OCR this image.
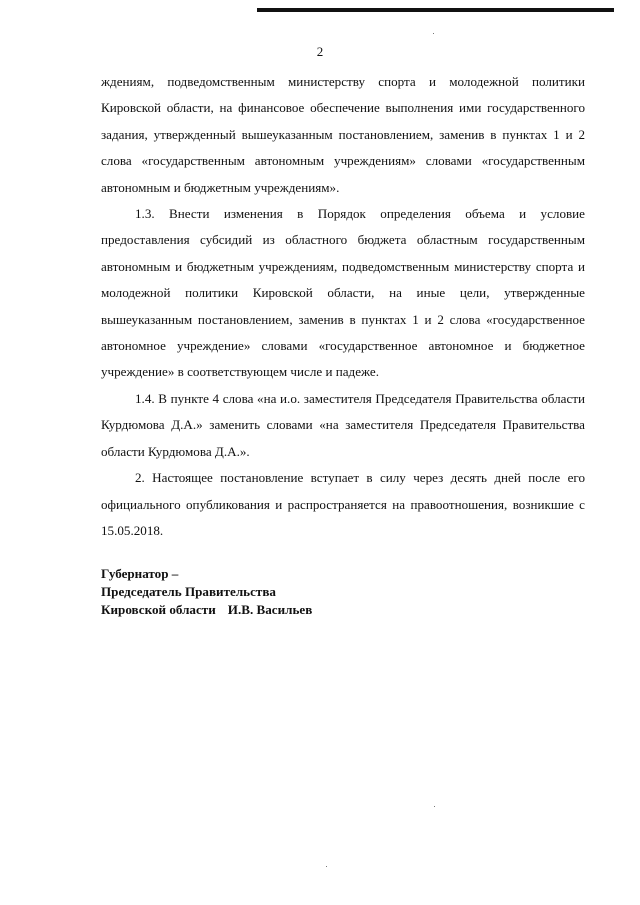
2

ждениям, подведомственным министерству спорта и молодежной политики Кировской области, на финансовое обеспечение выполнения ими государственного задания, утвержденный вышеуказанным постановлением, заменив в пунктах 1 и 2 слова «государственным автономным учреждениям» словами «государственным автономным и бюджетным учреждениям».

1.3. Внести изменения в Порядок определения объема и условие предоставления субсидий из областного бюджета областным государственным автономным и бюджетным учреждениям, подведомственным министерству спорта и молодежной политики Кировской области, на иные цели, утвержденные вышеуказанным постановлением, заменив в пунктах 1 и 2 слова «государственное автономное учреждение» словами «государственное автономное и бюджетное учреждение» в соответствующем числе и падеже.

1.4. В пункте 4 слова «на и.о. заместителя Председателя Правительства области Курдюмова Д.А.» заменить словами «на заместителя Председателя Правительства области Курдюмова Д.А.».

2. Настоящее постановление вступает в силу через десять дней после его официального опубликования и распространяется на правоотношения, возникшие с 15.05.2018.

Губернатор –
Председатель Правительства
Кировской области И.В. Васильев
